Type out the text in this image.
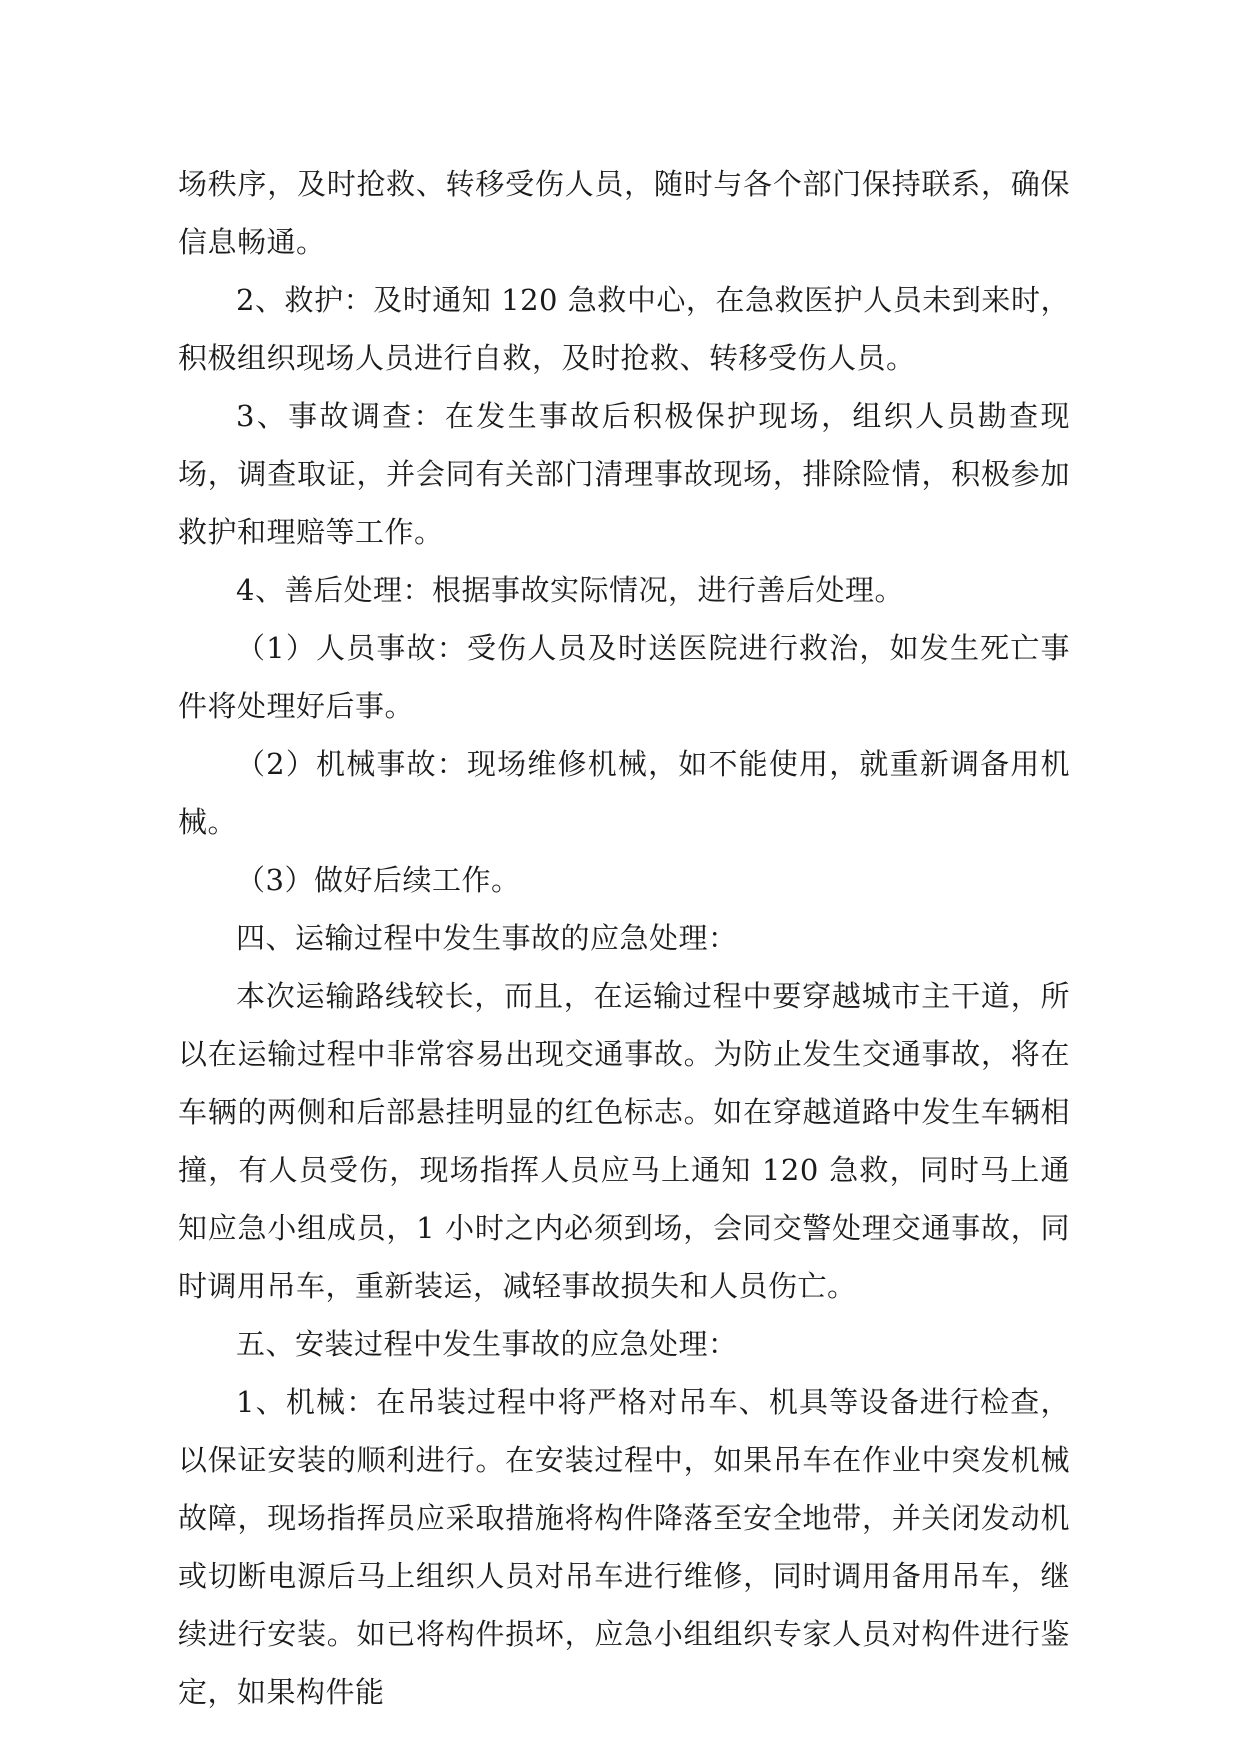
场秩序，及时抢救、转移受伤人员，随时与各个部门保持联系，确保信息畅通。

2、救护：及时通知 120 急救中心，在急救医护人员未到来时，积极组织现场人员进行自救，及时抢救、转移受伤人员。

3、事故调查：在发生事故后积极保护现场，组织人员勘查现场，调查取证，并会同有关部门清理事故现场，排除险情，积极参加救护和理赔等工作。

4、善后处理：根据事故实际情况，进行善后处理。

（1）人员事故：受伤人员及时送医院进行救治，如发生死亡事件将处理好后事。

（2）机械事故：现场维修机械，如不能使用，就重新调备用机械。

（3）做好后续工作。

四、运输过程中发生事故的应急处理：

本次运输路线较长，而且，在运输过程中要穿越城市主干道，所以在运输过程中非常容易出现交通事故。为防止发生交通事故，将在车辆的两侧和后部悬挂明显的红色标志。如在穿越道路中发生车辆相撞，有人员受伤，现场指挥人员应马上通知 120 急救，同时马上通知应急小组成员，1 小时之内必须到场，会同交警处理交通事故，同时调用吊车，重新装运，减轻事故损失和人员伤亡。

五、安装过程中发生事故的应急处理：

1、机械：在吊装过程中将严格对吊车、机具等设备进行检查，以保证安装的顺利进行。在安装过程中，如果吊车在作业中突发机械故障，现场指挥员应采取措施将构件降落至安全地带，并关闭发动机或切断电源后马上组织人员对吊车进行维修，同时调用备用吊车，继续进行安装。如已将构件损坏，应急小组组织专家人员对构件进行鉴定，如果构件能
